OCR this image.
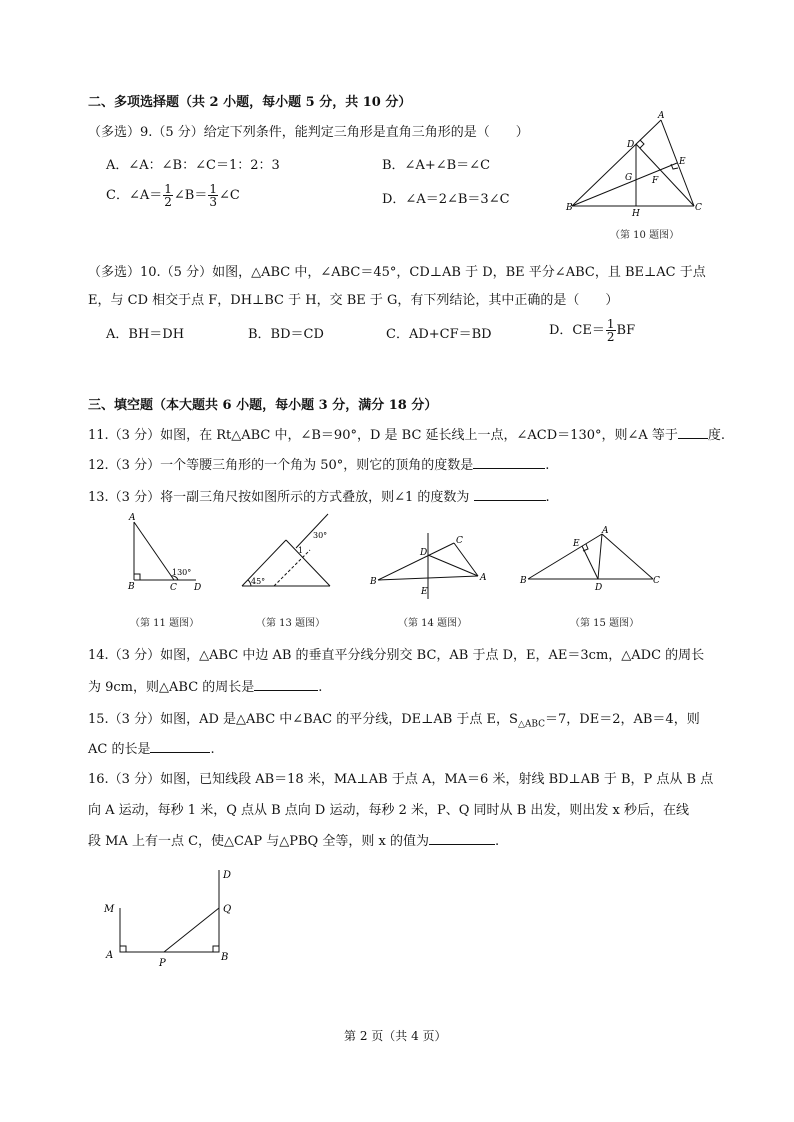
二、多项选择题（共 2 小题，每小题 5 分，共 10 分）
（多选）9.（5 分）给定下列条件，能判定三角形是直角三角形的是（　　）
A．∠A：∠B：∠C＝1：2：3	B．∠A+∠B＝∠C
C．∠A＝ $\frac{1}{2}$ ∠B＝ $\frac{1}{3}$ ∠C	D．∠A＝2∠B＝3∠C
A
D
E
G F
B
H
C
（第 10 题图）
（多选）10.（5 分）如图，△ABC 中，∠ABC＝45°，CD⊥AB 于 D，BE 平分∠ABC，且 BE⊥AC 于点
E，与 CD 相交于点 F，DH⊥BC 于 H，交 BE 于 G，有下列结论，其中正确的是（　　）
A．BH＝DH	B．BD＝CD	C．AD+CF＝BD	D．$CE= \frac{1}{2}$ BF
三、填空题（本大题共 6 小题，每小题 3 分，满分 18 分）
11.（3 分）如图，在 Rt△ABC 中，∠B＝90°，D 是 BC 延长线上一点，∠ACD＝130°，则∠A 等于 度.
12.（3 分）一个等腰三角形的一个角为 50°，则它的顶角的度数是	.
13.（3 分）将一副三角尺按如图所示的方式叠放，则∠1 的度数为	.
A
B	C D
130°
（第 11 题图）
1
30°
45°
（第 13 题图）
D
C
B	A
E
（第 14 题图）
A
E
B
D
C
（第 15 题图）
14.（3 分）如图，△ABC 中边 AB 的垂直平分线分别交 BC，AB 于点 D，E，AE＝3cm，△ADC 的周长
为 9cm，则△ABC 的周长是	.
15.（3 分）如图，AD 是△ABC 中∠BAC 的平分线，DE⊥AB 于点 E，$S_{\triangle ABC}=7$，DE＝2，AB＝4，则
AC 的长是	.
16.（3 分）如图，已知线段 AB＝18 米，MA⊥AB 于点 A，MA＝6 米，射线 BD⊥AB 于 B，P 点从 B 点
向 A 运动，每秒 1 米，Q 点从 B 点向 D 运动，每秒 2 米，P、Q 同时从 B 出发，则出发 x 秒后，在线
段 MA 上有一点 C，使△CAP 与△PBQ 全等，则 x 的值为	.
D
M	Q
A
P
B
第 2 页（共 4 页）
